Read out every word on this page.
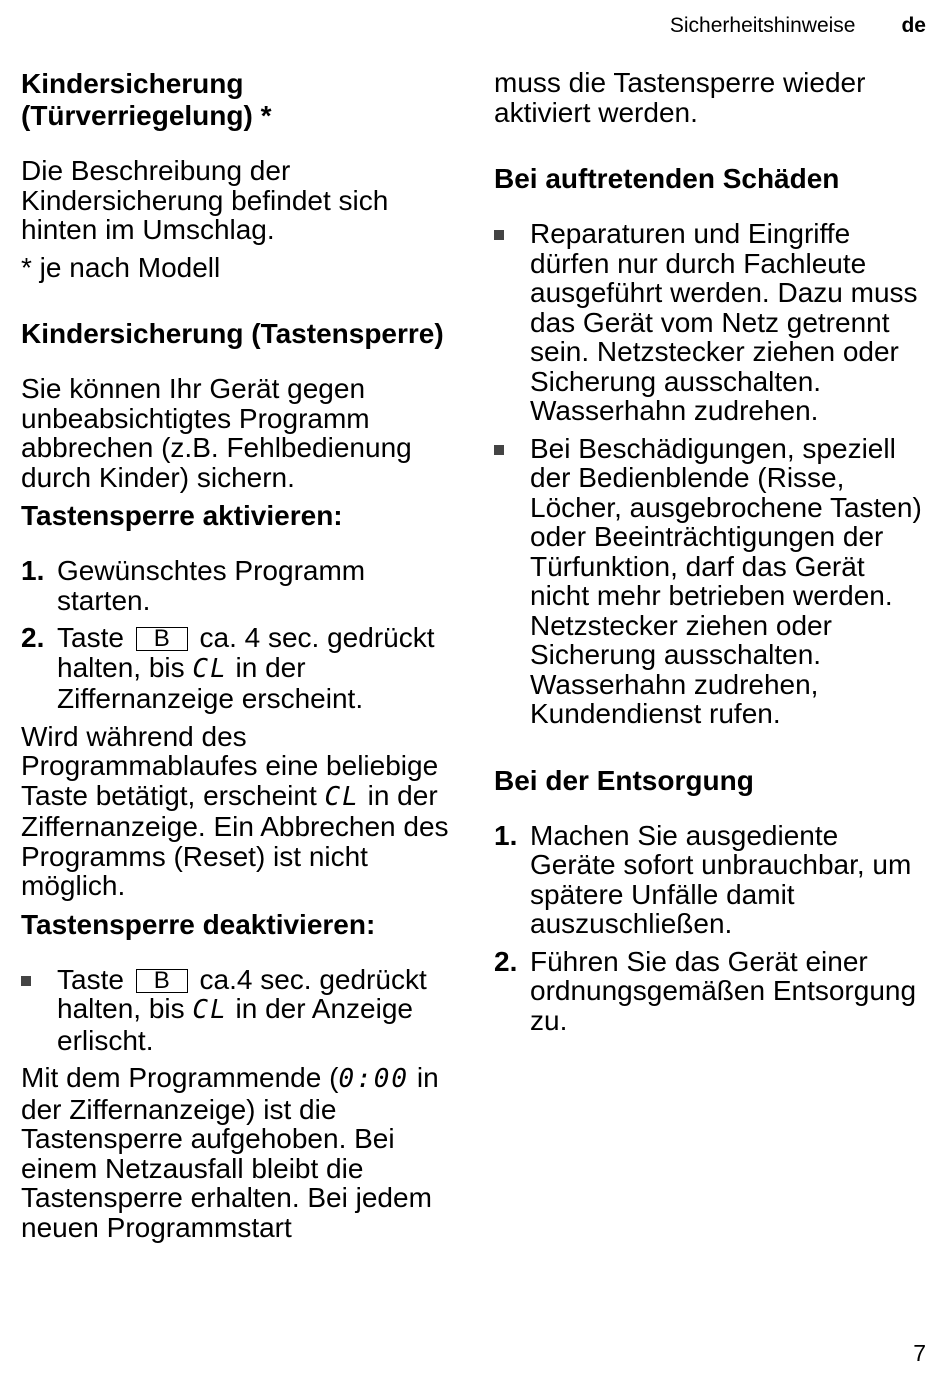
Sicherheitshinweise de
Kindersicherung (Türverriegelung) *

Die Beschreibung der Kindersicherung befindet sich hinten im Umschlag.

* je nach Modell

Kindersicherung (Tastensperre)

Sie können Ihr Gerät gegen unbeabsichtigtes Programm abbrechen (z.B. Fehlbedienung durch Kinder) sichern.

Tastensperre aktivieren:
1. Gewünschtes Programm starten.
2. Taste B ca. 4 sec. gedrückt halten, bis CL in der Ziffernanzeige erscheint.

Wird während des Programmablaufes eine beliebige Taste betätigt, erscheint CL in der Ziffernanzeige. Ein Abbrechen des Programms (Reset) ist nicht möglich.

Tastensperre deaktivieren:
Taste B ca.4 sec. gedrückt halten, bis CL in der Anzeige erlischt.

Mit dem Programmende (0:00 in der Ziffernanzeige) ist die Tastensperre aufgehoben. Bei einem Netzausfall bleibt die Tastensperre erhalten. Bei jedem neuen Programmstart

muss die Tastensperre wieder aktiviert werden.

Bei auftretenden Schäden
Reparaturen und Eingriffe dürfen nur durch Fachleute ausgeführt werden. Dazu muss das Gerät vom Netz getrennt sein. Netzstecker ziehen oder Sicherung ausschalten. Wasserhahn zudrehen.
Bei Beschädigungen, speziell der Bedienblende (Risse, Löcher, ausgebrochene Tasten) oder Beeinträchtigungen der Türfunktion, darf das Gerät nicht mehr betrieben werden. Netzstecker ziehen oder Sicherung ausschalten. Wasserhahn zudrehen, Kundendienst rufen.
Bei der Entsorgung
1. Machen Sie ausgediente Geräte sofort unbrauchbar, um spätere Unfälle damit auszuschließen.
2. Führen Sie das Gerät einer ordnungsgemäßen Entsorgung zu.
7
